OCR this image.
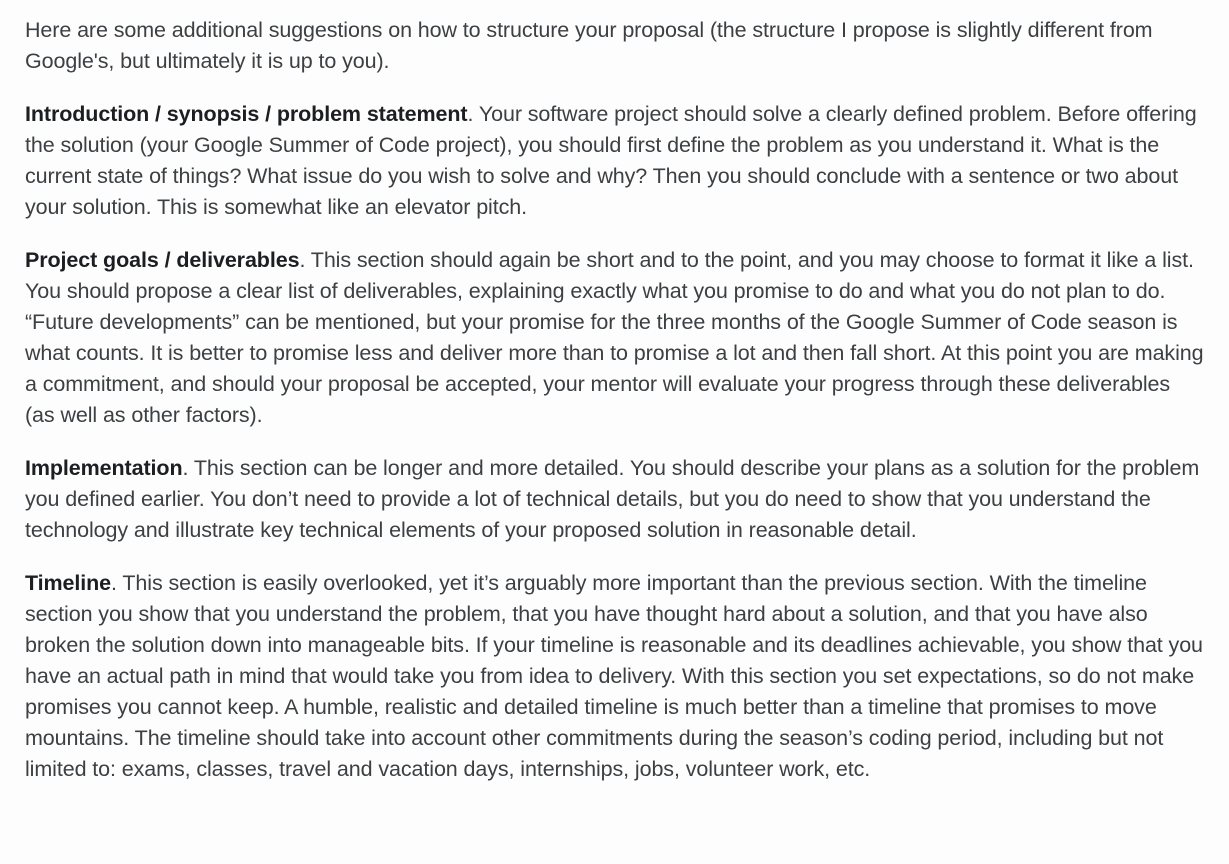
Here are some additional suggestions on how to structure your proposal (the structure I propose is slightly different from Google's, but ultimately it is up to you).

Introduction / synopsis / problem statement. Your software project should solve a clearly defined problem. Before offering the solution (your Google Summer of Code project), you should first define the problem as you understand it. What is the current state of things? What issue do you wish to solve and why? Then you should conclude with a sentence or two about your solution. This is somewhat like an elevator pitch.

Project goals / deliverables. This section should again be short and to the point, and you may choose to format it like a list. You should propose a clear list of deliverables, explaining exactly what you promise to do and what you do not plan to do. “Future developments” can be mentioned, but your promise for the three months of the Google Summer of Code season is what counts. It is better to promise less and deliver more than to promise a lot and then fall short. At this point you are making a commitment, and should your proposal be accepted, your mentor will evaluate your progress through these deliverables (as well as other factors).

Implementation. This section can be longer and more detailed. You should describe your plans as a solution for the problem you defined earlier. You don’t need to provide a lot of technical details, but you do need to show that you understand the technology and illustrate key technical elements of your proposed solution in reasonable detail.

Timeline. This section is easily overlooked, yet it’s arguably more important than the previous section. With the timeline section you show that you understand the problem, that you have thought hard about a solution, and that you have also broken the solution down into manageable bits. If your timeline is reasonable and its deadlines achievable, you show that you have an actual path in mind that would take you from idea to delivery. With this section you set expectations, so do not make promises you cannot keep. A humble, realistic and detailed timeline is much better than a timeline that promises to move mountains. The timeline should take into account other commitments during the season’s coding period, including but not limited to: exams, classes, travel and vacation days, internships, jobs, volunteer work, etc.
